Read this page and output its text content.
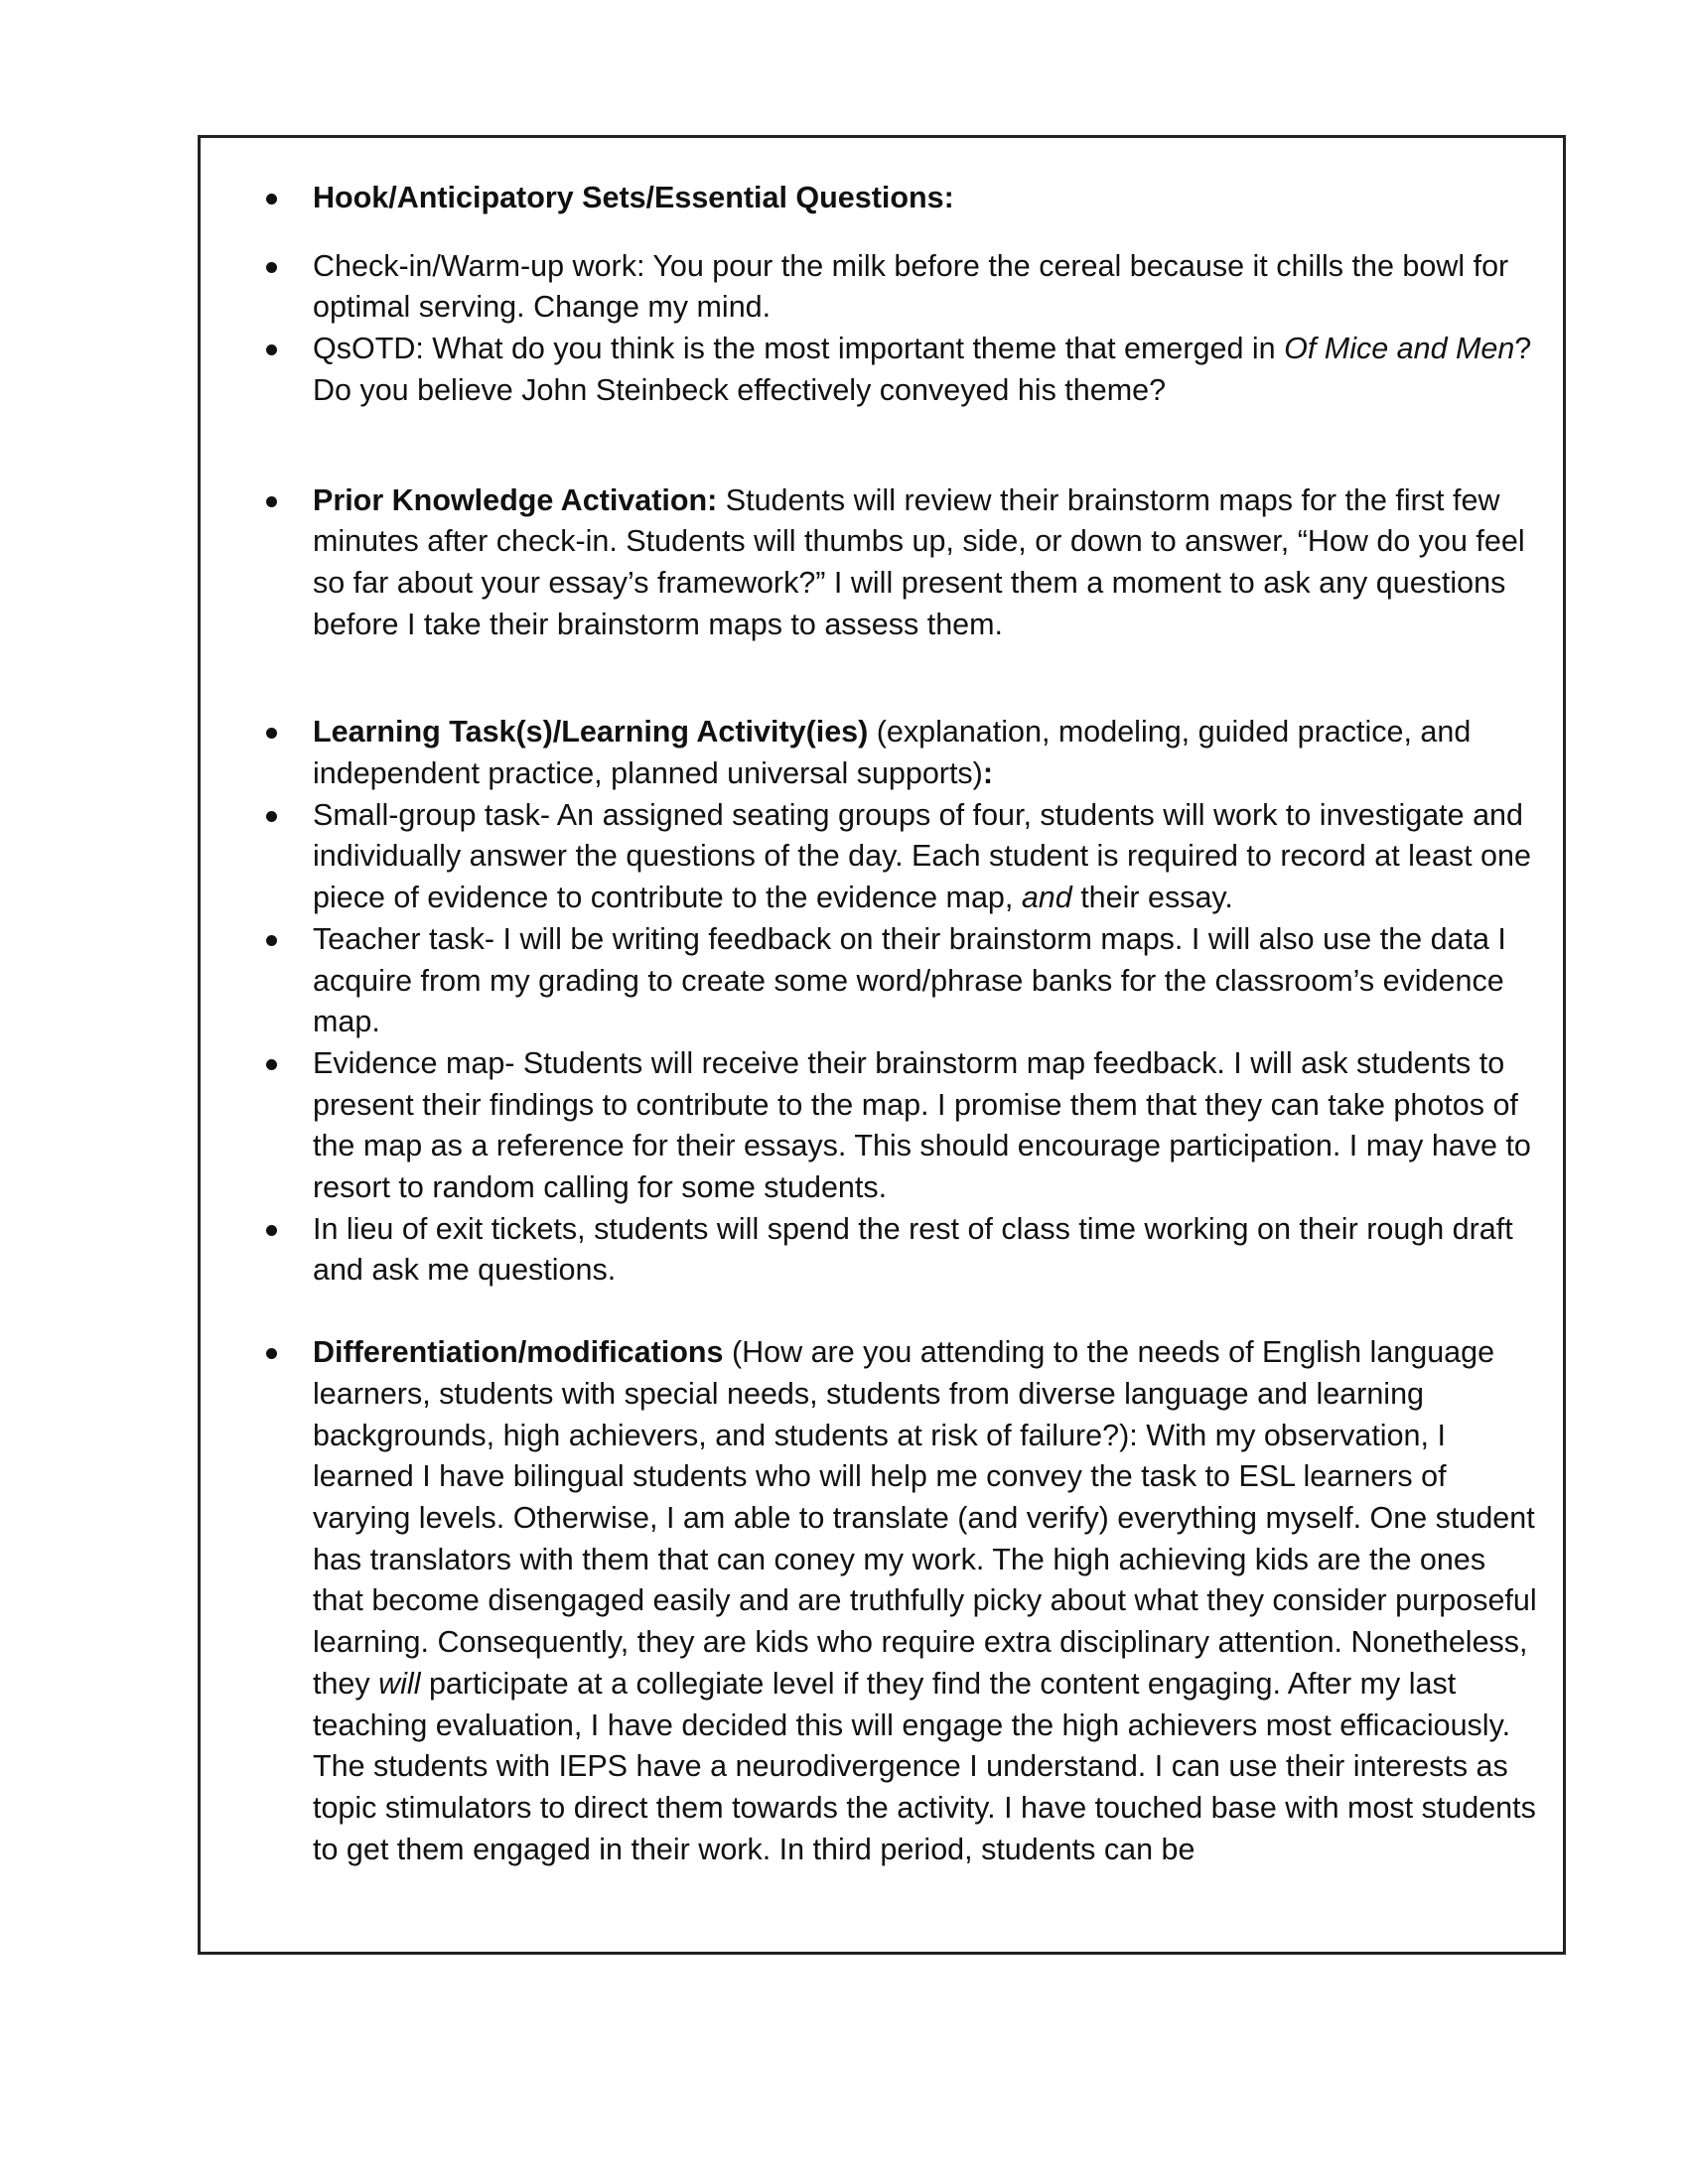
Hook/Anticipatory Sets/Essential Questions:
Check-in/Warm-up work: You pour the milk before the cereal because it chills the bowl for optimal serving. Change my mind.
QsOTD: What do you think is the most important theme that emerged in Of Mice and Men? Do you believe John Steinbeck effectively conveyed his theme?
Prior Knowledge Activation: Students will review their brainstorm maps for the first few minutes after check-in. Students will thumbs up, side, or down to answer, “How do you feel so far about your essay’s framework?” I will present them a moment to ask any questions before I take their brainstorm maps to assess them.
Learning Task(s)/Learning Activity(ies) (explanation, modeling, guided practice, and independent practice, planned universal supports):
Small-group task- An assigned seating groups of four, students will work to investigate and individually answer the questions of the day. Each student is required to record at least one piece of evidence to contribute to the evidence map, and their essay.
Teacher task- I will be writing feedback on their brainstorm maps. I will also use the data I acquire from my grading to create some word/phrase banks for the classroom’s evidence map.
Evidence map- Students will receive their brainstorm map feedback. I will ask students to present their findings to contribute to the map. I promise them that they can take photos of the map as a reference for their essays. This should encourage participation. I may have to resort to random calling for some students.
In lieu of exit tickets, students will spend the rest of class time working on their rough draft and ask me questions.
Differentiation/modifications (How are you attending to the needs of English language learners, students with special needs, students from diverse language and learning backgrounds, high achievers, and students at risk of failure?): With my observation, I learned I have bilingual students who will help me convey the task to ESL learners of varying levels. Otherwise, I am able to translate (and verify) everything myself. One student has translators with them that can coney my work. The high achieving kids are the ones that become disengaged easily and are truthfully picky about what they consider purposeful learning. Consequently, they are kids who require extra disciplinary attention. Nonetheless, they will participate at a collegiate level if they find the content engaging. After my last teaching evaluation, I have decided this will engage the high achievers most efficaciously. The students with IEPS have a neurodivergence I understand. I can use their interests as topic stimulators to direct them towards the activity. I have touched base with most students to get them engaged in their work. In third period, students can be
